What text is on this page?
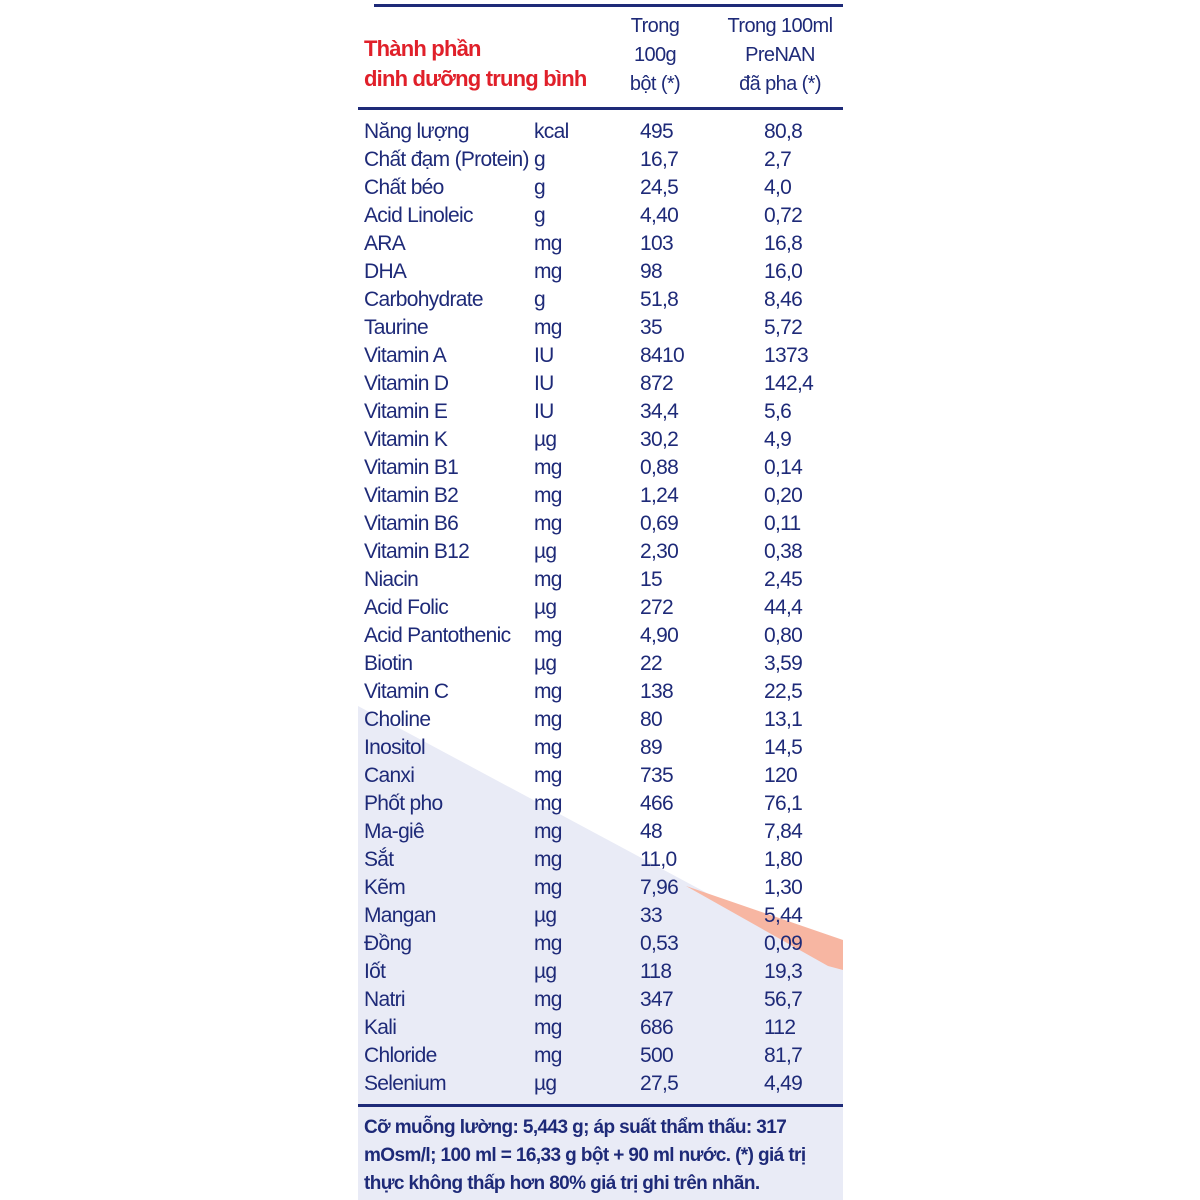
Thành phần
dinh dưỡng trung bình
Trong
100g
bột (*)
Trong 100ml
PreNAN
đã pha (*)
Năng lượng	kcal	495	80,8
Chất đạm (Protein) g	16,7	2,7
Chất béo	g	24,5	4,0
Acid Linoleic	g	4,40	0,72
ARA	mg	103	16,8
DHA	mg	98	16,0
Carbohydrate g	51,8	8,46
Taurine	mg	35	5,72
Vitamin A	IU	8410	1373
Vitamin D	IU	872	142,4
Vitamin E	IU	34,4	5,6
Vitamin K	µg	30,2	4,9
Vitamin B1	mg	0,88	0,14
Vitamin B2	mg	1,24	0,20
Vitamin B6	mg	0,69	0,11
Vitamin B12	µg	2,30	0,38
Niacin	mg	15	2,45
Acid Folic	µg	272	44,4
Acid Pantothenic mg	4,90	0,80
Biotin	µg	22	3,59
Vitamin C	mg	138	22,5
Choline	mg	80	13,1
Inositol	mg	89	14,5
Canxi	mg	735	120
Phốt pho	mg	466	76,1
Ma-giê	mg	48	7,84
Sắt	mg	11,0	1,80
Kẽm	mg	7,96	1,30
Mangan	µg	33	5,44
Đồng	mg	0,53	0,09
Iốt	µg	118	19,3
Natri	mg	347	56,7
Kali	mg	686	112
Chloride	mg	500	81,7
Selenium	µg	27,5	4,49
Cỡ muỗng lường: 5,443 g; áp suất thẩm thấu: 317 mOsm/l; 100 ml = 16,33 g bột + 90 ml nước. (*) giá trị thực không thấp hơn 80% giá trị ghi trên nhãn.
